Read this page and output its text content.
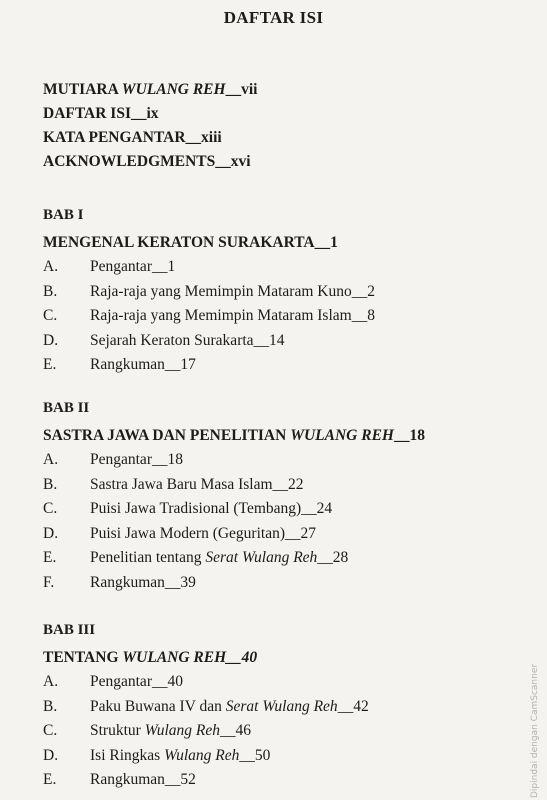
DAFTAR ISI
MUTIARA WULANG REH__vii
DAFTAR ISI__ix
KATA PENGANTAR__xiii
ACKNOWLEDGMENTS__xvi
BAB I
MENGENAL KERATON SURAKARTA__1
A.	Pengantar__1
B.	Raja-raja yang Memimpin Mataram Kuno__2
C.	Raja-raja yang Memimpin Mataram Islam__8
D.	Sejarah Keraton Surakarta__14
E.	Rangkuman__17
BAB II
SASTRA JAWA DAN PENELITIAN WULANG REH__18
A.	Pengantar__18
B.	Sastra Jawa Baru Masa Islam__22
C.	Puisi Jawa Tradisional (Tembang)__24
D.	Puisi Jawa Modern (Geguritan)__27
E.	Penelitian tentang Serat Wulang Reh__28
F.	Rangkuman__39
BAB III
TENTANG WULANG REH__40
A.	Pengantar__40
B.	Paku Buwana IV dan Serat Wulang Reh__42
C.	Struktur Wulang Reh__46
D.	Isi Ringkas Wulang Reh__50
E.	Rangkuman__52	Dipindai dengan CamScanner
